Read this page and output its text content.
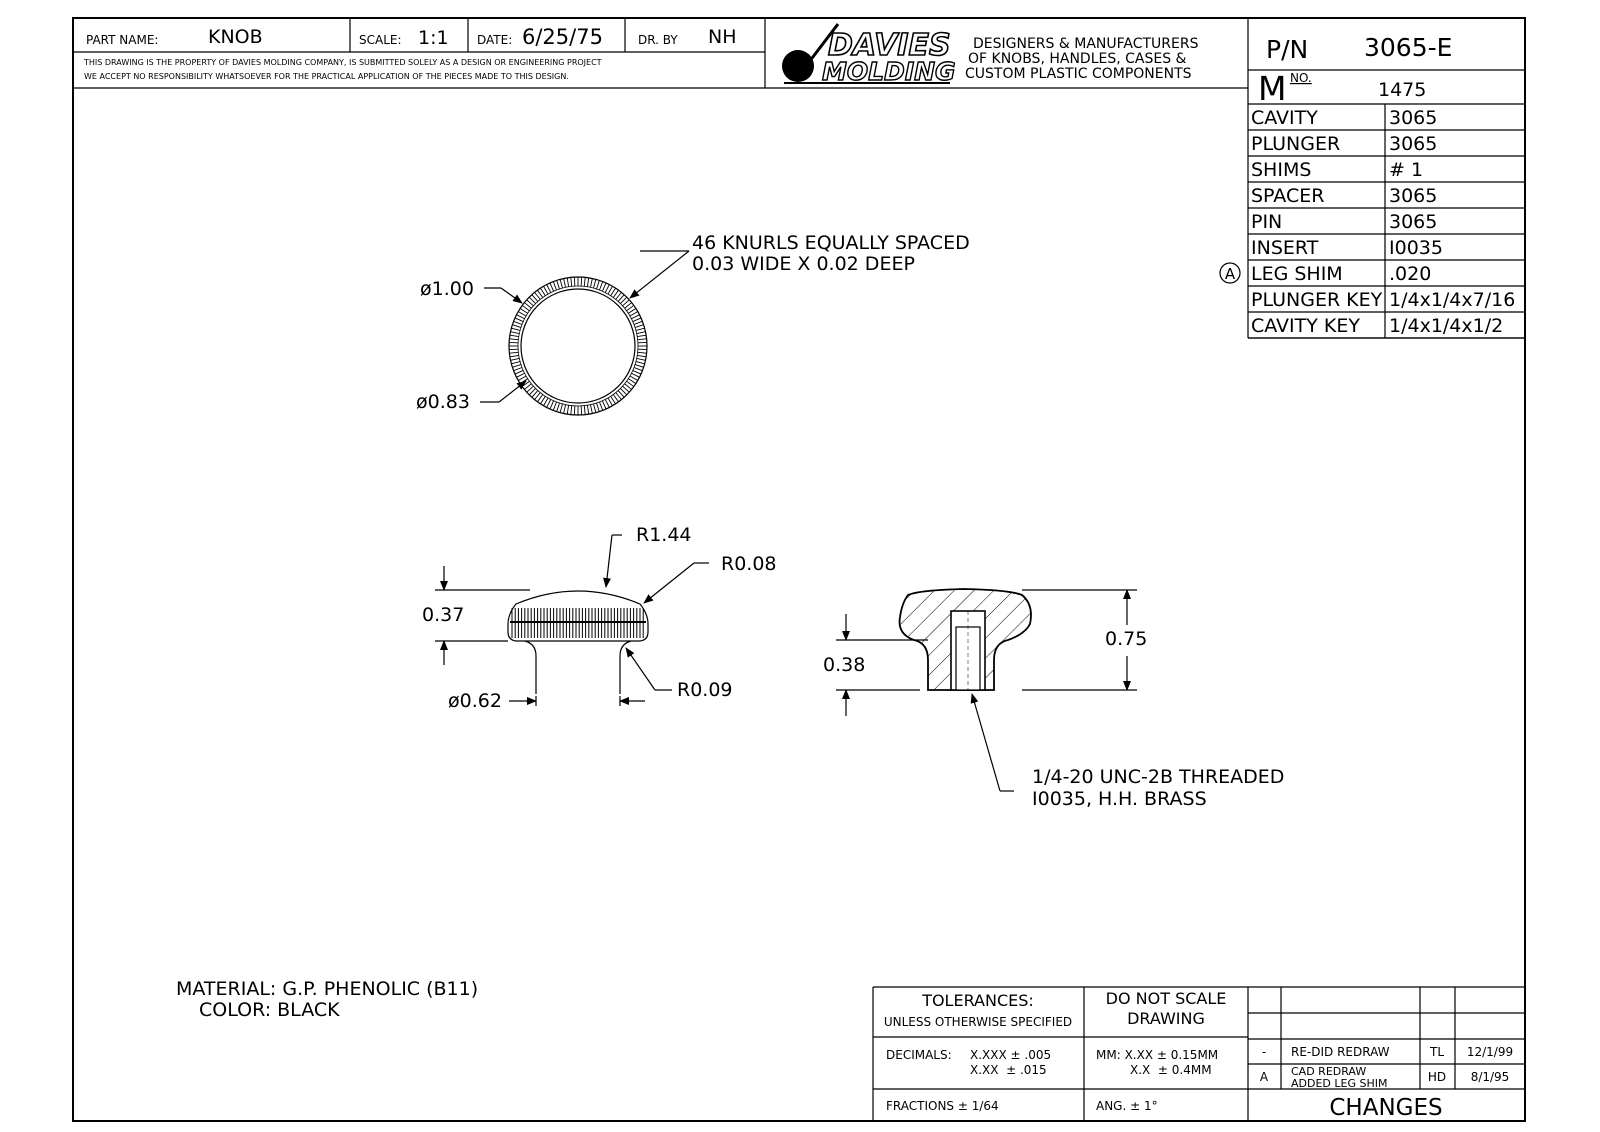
PART NAME:	KNOB	SCALE: 1:1 DATE: 6/25/75	DR. BY NH
THIS DRAWING IS THE PROPERTY OF DAVIES MOLDING COMPANY, IS SUBMITTED SOLELY AS A DESIGN OR ENGINEERING PROJECT
WE ACCEPT NO RESPONSIBILITY WHATSOEVER FOR THE PRACTICAL APPLICATION OF THE PIECES MADE TO THIS DESIGN.
DAVIES
MOLDING
DESIGNERS & MANUFACTURERS
OF KNOBS, HANDLES, CASES &
CUSTOM PLASTIC COMPONENTS
P/N 3065-E
M NO.
1475
CAVITY	3065
PLUNGER	3065
SHIMS	# 1
SPACER	3065
PIN	3065
INSERT	I0035
LEG SHIM .020
PLUNGER KEY 1/4x1/4x7/16
CAVITY KEY 1/4x1/4x1/2
A
46 KNURLS EQUALLY SPACED
0.03 WIDE X 0.02 DEEP
ø1.00
ø0.83
R1.44
R0.08
0.37
ø0.62	R0.09
0.75
0.38
1/4-20 UNC-2B THREADED
I0035, H.H. BRASS
MATERIAL: G.P. PHENOLIC (B11)
COLOR: BLACK	TOLERANCES:
UNLESS OTHERWISE SPECIFIED
DO NOT SCALE
DRAWING
DECIMALS: X.XXX ± .005
X.XX  ± .015
MM: X.XX ± 0.15MM
X.X  ± 0.4MM
FRACTIONS ± 1/64	ANG. ± 1°
- RE-DID REDRAW	TL 12/1/99
A CAD REDRAW
ADDED LEG SHIM	HD 8/1/95
CHANGES
